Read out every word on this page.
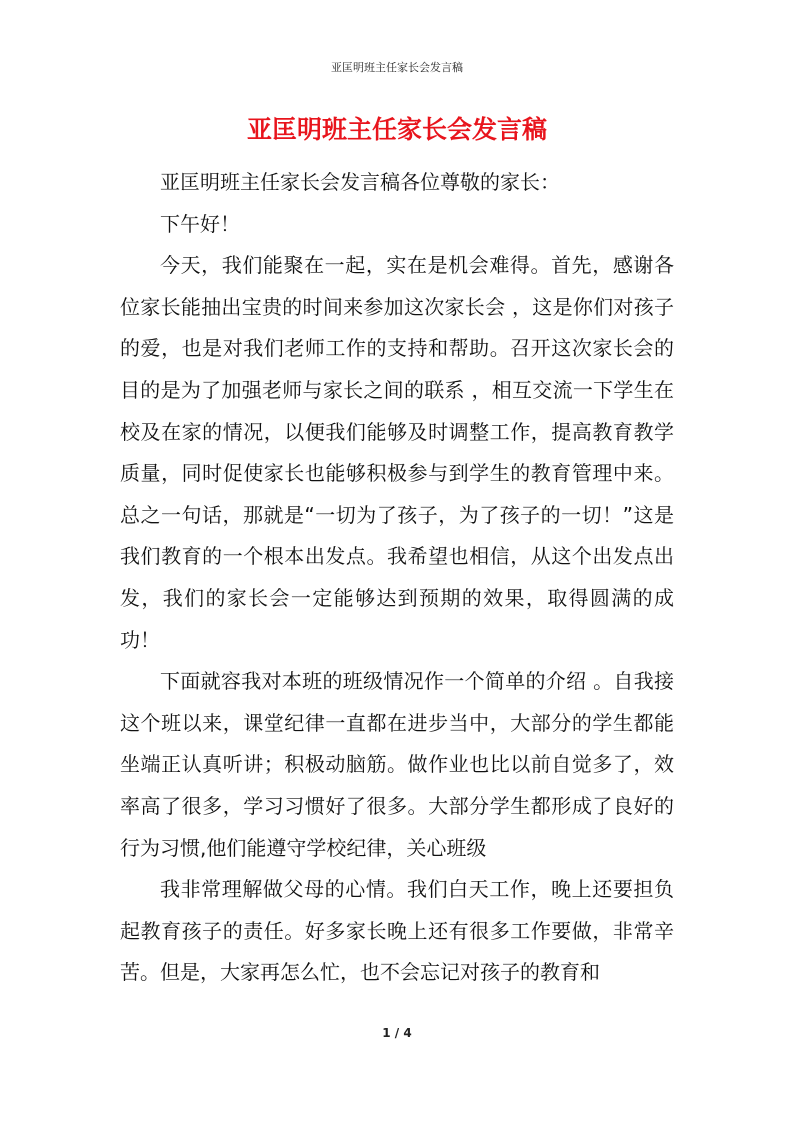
亚匡明班主任家长会发言稿
亚匡明班主任家长会发言稿

亚匡明班主任家长会发言稿各位尊敬的家长：

下午好！

今天，我们能聚在一起，实在是机会难得。首先，感谢各位家长能抽出宝贵的时间来参加这次家长会 ，这是你们对孩子的爱，也是对我们老师工作的支持和帮助。召开这次家长会的目的是为了加强老师与家长之间的联系 ，相互交流一下学生在校及在家的情况，以便我们能够及时调整工作，提高教育教学质量，同时促使家长也能够积极参与到学生的教育管理中来。总之一句话，那就是“一切为了孩子，为了孩子的一切！”这是我们教育的一个根本出发点。我希望也相信，从这个出发点出发，我们的家长会一定能够达到预期的效果，取得圆满的成功！

下面就容我对本班的班级情况作一个简单的介绍 。自我接这个班以来，课堂纪律一直都在进步当中，大部分的学生都能坐端正认真听讲；积极动脑筋。做作业也比以前自觉多了，效率高了很多，学习习惯好了很多。大部分学生都形成了良好的行为习惯,他们能遵守学校纪律，关心班级

我非常理解做父母的心情。我们白天工作，晚上还要担负起教育孩子的责任。好多家长晚上还有很多工作要做，非常辛苦。但是，大家再怎么忙，也不会忘记对孩子的教育和

1 / 4
